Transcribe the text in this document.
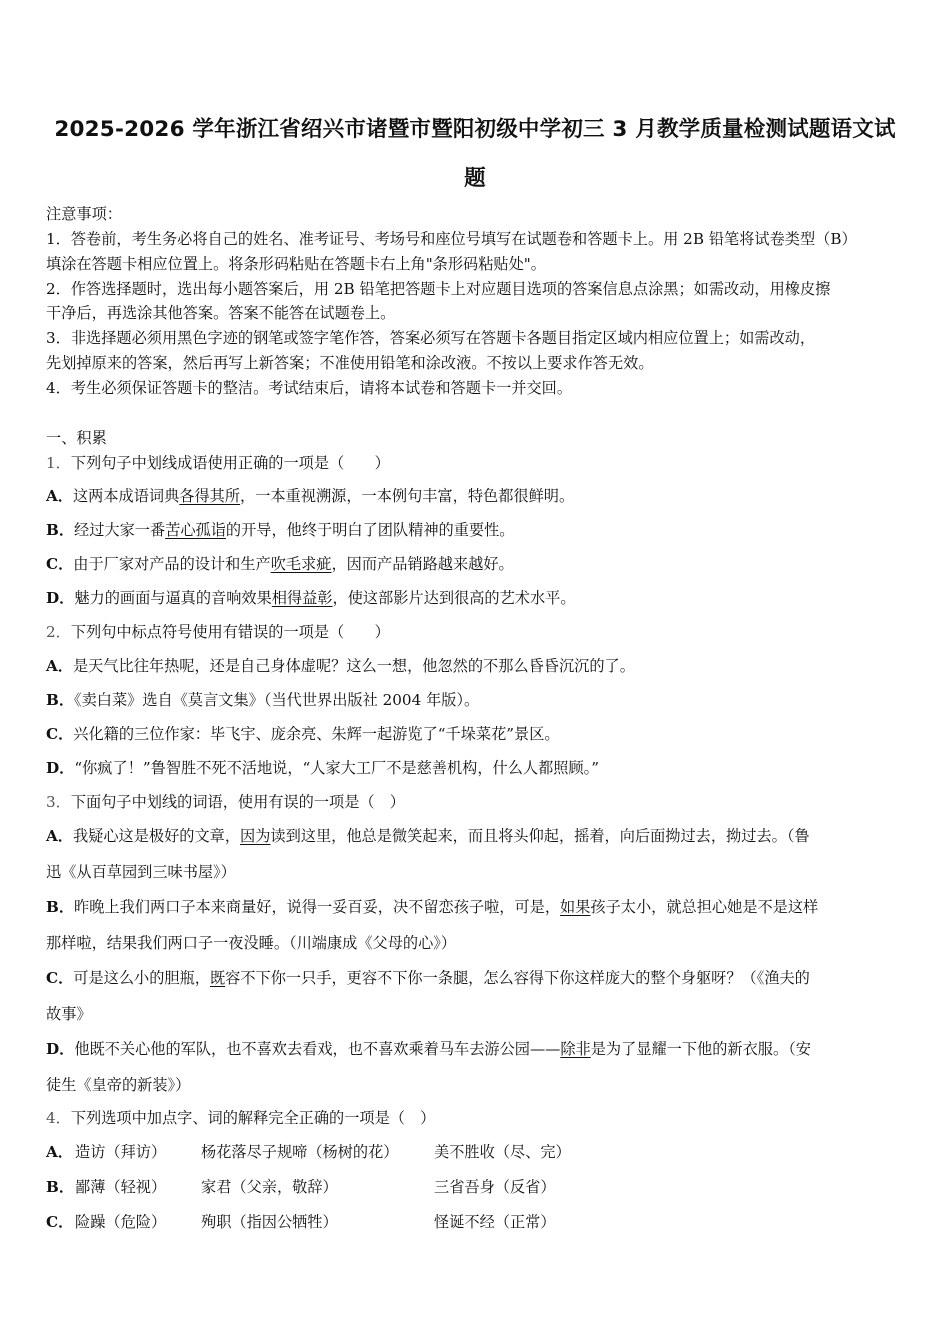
2025-2026 学年浙江省绍兴市诸暨市暨阳初级中学初三 3 月教学质量检测试题语文试
题
注意事项：
1．答卷前，考生务必将自己的姓名、准考证号、考场号和座位号填写在试题卷和答题卡上。用 2B 铅笔将试卷类型（B）
填涂在答题卡相应位置上。将条形码粘贴在答题卡右上角"条形码粘贴处"。
2．作答选择题时，选出每小题答案后，用 2B 铅笔把答题卡上对应题目选项的答案信息点涂黑；如需改动，用橡皮擦
干净后，再选涂其他答案。答案不能答在试题卷上。
3．非选择题必须用黑色字迹的钢笔或签字笔作答，答案必须写在答题卡各题目指定区域内相应位置上；如需改动，
先划掉原来的答案，然后再写上新答案；不准使用铅笔和涂改液。不按以上要求作答无效。
4．考生必须保证答题卡的整洁。考试结束后，请将本试卷和答题卡一并交回。
一、积累
1．下列句子中划线成语使用正确的一项是（　　）
A．这两本成语词典各得其所，一本重视溯源，一本例句丰富，特色都很鲜明。
B．经过大家一番苦心孤诣的开导，他终于明白了团队精神的重要性。
C．由于厂家对产品的设计和生产吹毛求疵，因而产品销路越来越好。
D．魅力的画面与逼真的音响效果相得益彰，使这部影片达到很高的艺术水平。
2．下列句中标点符号使用有错误的一项是（　　）
A．是天气比往年热呢，还是自己身体虚呢？这么一想，他忽然的不那么昏昏沉沉的了。
B．《卖白菜》选自《莫言文集》（当代世界出版社 2004 年版）。
C．兴化籍的三位作家：毕飞宇、庞余亮、朱辉一起游览了“千垛菜花”景区。
D．“你疯了！”鲁智胜不死不活地说，“人家大工厂不是慈善机构，什么人都照顾。”
3．下面句子中划线的词语，使用有误的一项是（　）
A．我疑心这是极好的文章，因为读到这里，他总是微笑起来，而且将头仰起，摇着，向后面拗过去，拗过去。（鲁
迅《从百草园到三味书屋》）
B．昨晚上我们两口子本来商量好，说得一妥百妥，决不留恋孩子啦，可是，如果孩子太小，就总担心她是不是这样
那样啦，结果我们两口子一夜没睡。（川端康成《父母的心》）
C．可是这么小的胆瓶，既容不下你一只手，更容不下你一条腿，怎么容得下你这样庞大的整个身躯呀？（《渔夫的
故事》
D．他既不关心他的军队，也不喜欢去看戏，也不喜欢乘着马车去游公园——除非是为了显耀一下他的新衣服。（安
徒生《皇帝的新装》）
4．下列选项中加点字、词的解释完全正确的一项是（　）
A． 造访（拜访） 杨花落尽子规啼（杨树的花） 美不胜收（尽、完）
B． 鄙薄（轻视） 家君（父亲，敬辞）	三省吾身（反省）
C． 险躁（危险） 殉职（指因公牺牲）	怪诞不经（正常）
